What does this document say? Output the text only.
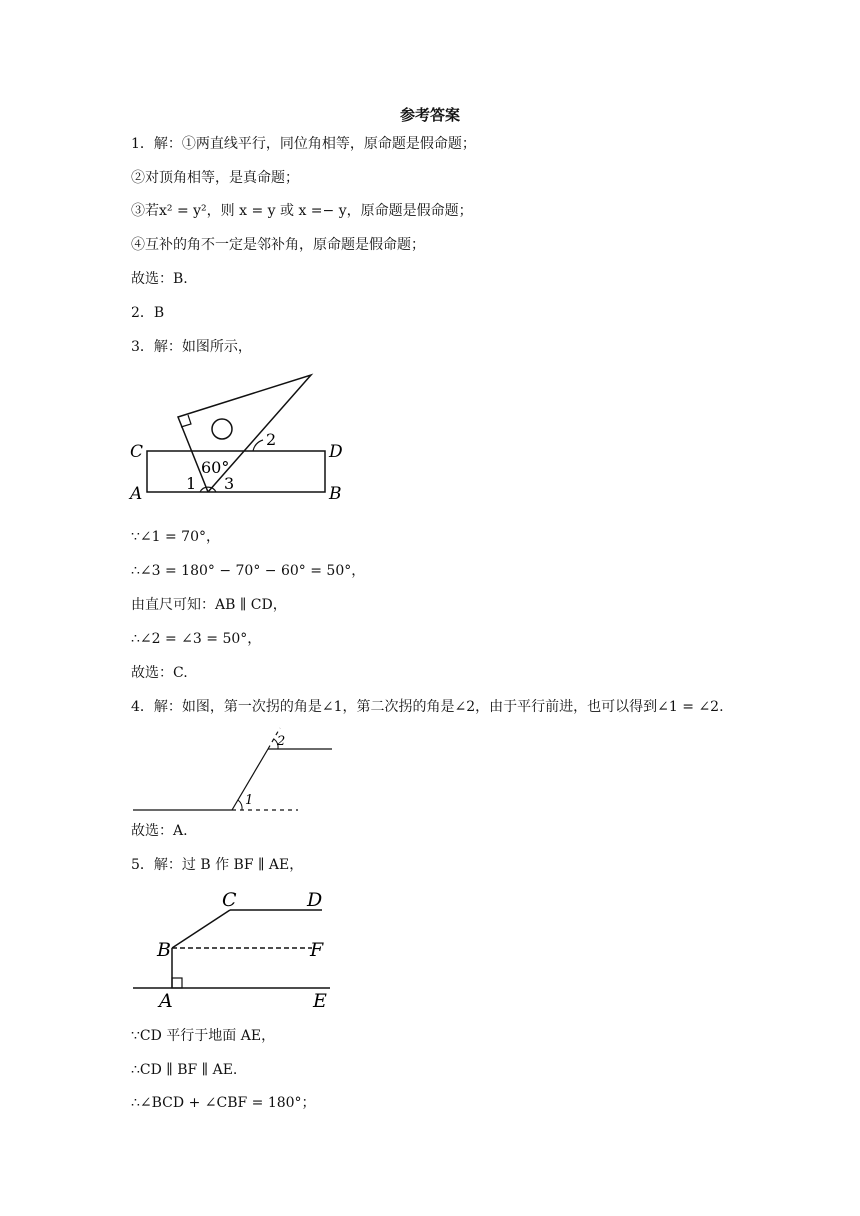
参考答案
1．解：①两直线平行，同位角相等，原命题是假命题；
②对顶角相等，是真命题；
③若x² = y²，则 x = y 或 x =− y，原命题是假命题；
④互补的角不一定是邻补角，原命题是假命题；
故选：B.
2．B
3．解：如图所示，
C	D
A	B
60°
1 3
2
∵∠1 = 70°，
∴∠3 = 180° − 70° − 60° = 50°，
由直尺可知：AB ∥ CD，
∴∠2 = ∠3 = 50°，
故选：C.
4．解：如图，第一次拐的角是∠1，第二次拐的角是∠2，由于平行前进，也可以得到∠1 = ∠2.
1
2
故选：A.
5．解：过 B 作 BF ∥ AE，
C	D
B	F
A	E
∵CD 平行于地面 AE，
∴CD ∥ BF ∥ AE.
∴∠BCD + ∠CBF = 180°；
